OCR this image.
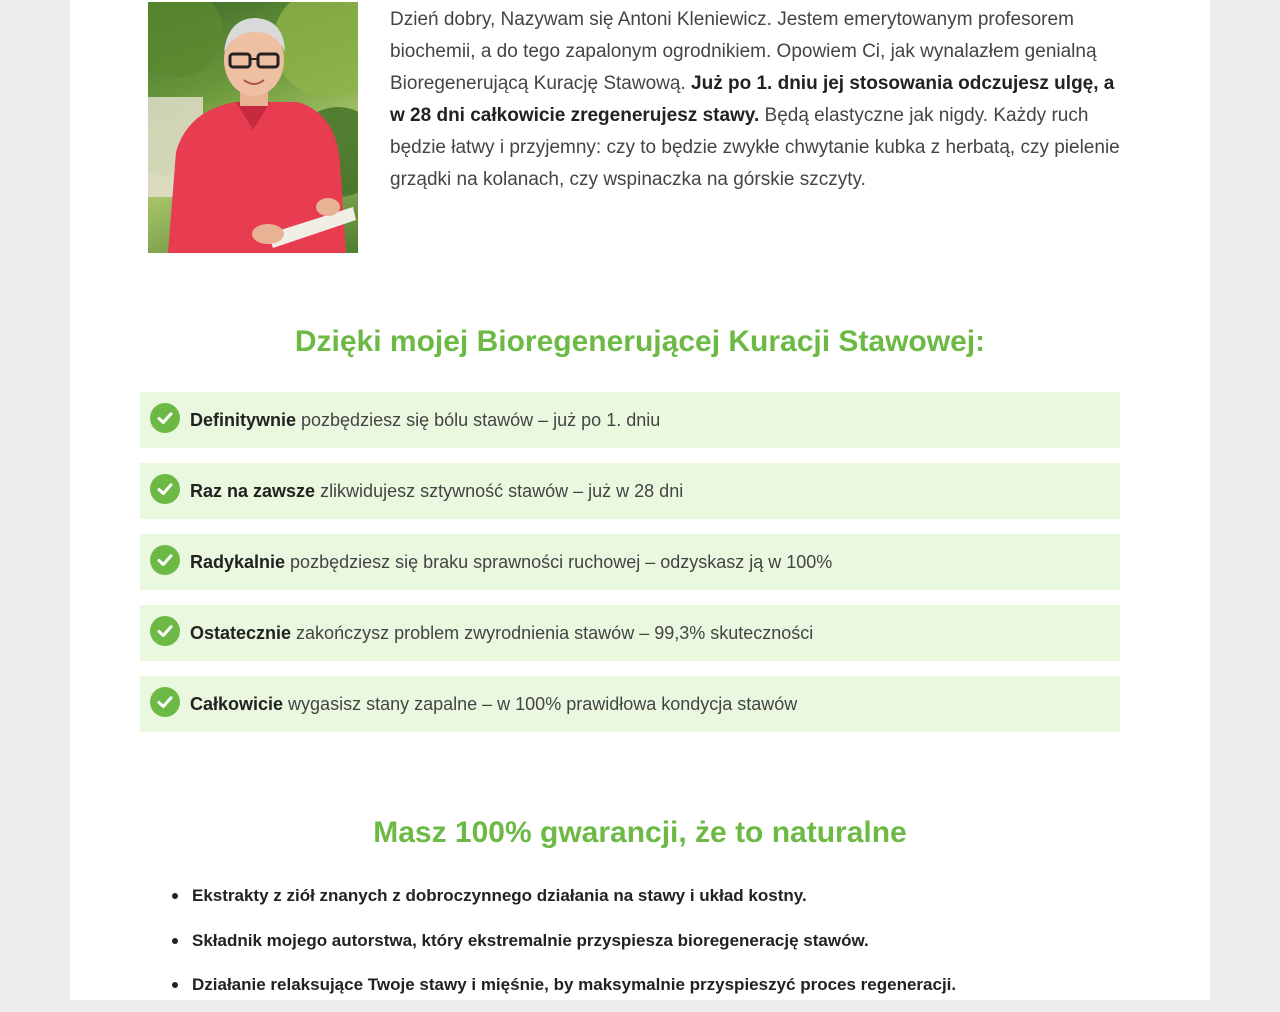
Dzień dobry, Nazywam się Antoni Kleniewicz. Jestem emerytowanym profesorem biochemii, a do tego zapalonym ogrodnikiem. Opowiem Ci, jak wynalazłem genialną Bioregenerującą Kurację Stawową. Już po 1. dniu jej stosowania odczujesz ulgę, a w 28 dni całkowicie zregenerujesz stawy. Będą elastyczne jak nigdy. Każdy ruch będzie łatwy i przyjemny: czy to będzie zwykłe chwytanie kubka z herbatą, czy pielenie grządki na kolanach, czy wspinaczka na górskie szczyty.

Dzięki mojej Bioregenerującej Kuracji Stawowej:
Definitywnie pozbędziesz się bólu stawów – już po 1. dniu
Raz na zawsze zlikwidujesz sztywność stawów – już w 28 dni
Radykalnie pozbędziesz się braku sprawności ruchowej – odzyskasz ją w 100%
Ostatecznie zakończysz problem zwyrodnienia stawów – 99,3% skuteczności
Całkowicie wygasisz stany zapalne – w 100% prawidłowa kondycja stawów
Masz 100% gwarancji, że to naturalne
Ekstrakty z ziół znanych z dobroczynnego działania na stawy i układ kostny.
Składnik mojego autorstwa, który ekstremalnie przyspiesza bioregenerację stawów.
Działanie relaksujące Twoje stawy i mięśnie, by maksymalnie przyspieszyć proces regeneracji.
